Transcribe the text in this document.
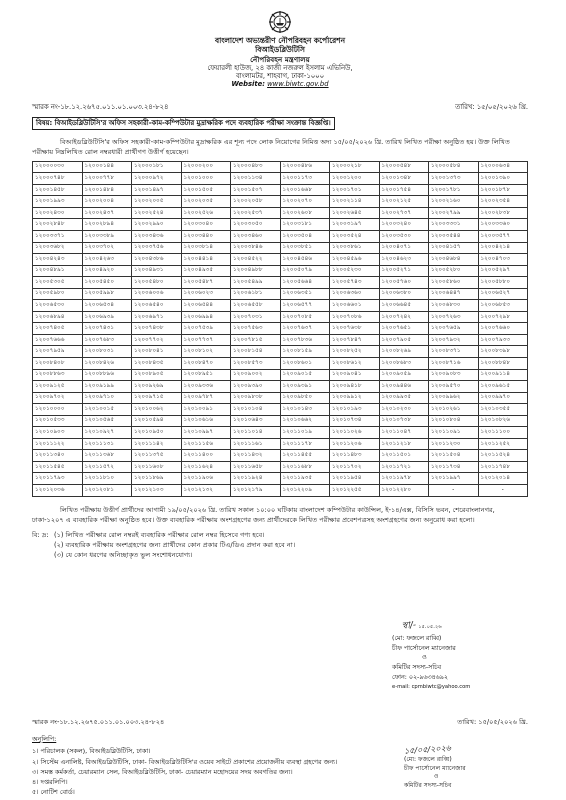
বাংলাদেশ অভ্যন্তরীণ নৌপরিবহন কর্পোরেশন
বিআইডব্লিউটিসি
নৌপরিবহন মন্ত্রণালয়
ফেয়ারলী হাউজ, ২৪ কাজী নজরুল ইসলাম এভিনিউ,
বাংলামটর, শাহবাগ, ঢাকা-১০০০
Website: www.biwtc.gov.bd
স্মারক নং-১৮.১২.২৬৭৫.০১১.০১.০০৩.২৪-৮২৪	তারিখ: ১৫/০৫/২০২৬ খ্রি.
বিষয়: বিআইডব্লিউটিসি'র অফিস সহকারী-কাম-কম্পিউটার মুদ্রাক্ষরিক পদে ব্যবহারিক পরীক্ষা সংক্রান্ত বিজ্ঞপ্তি।

বিআইডব্লিউটিসি'র অফিস সহকারী-কাম-কম্পিউটার মুদ্রাক্ষরিক এর শূন্য পদে লোক নিয়োগের নিমিত্ত অদ্য ১৫/০৫/২০২৬ খ্রি. তারিখ লিখিত পরীক্ষা অনুষ্ঠিত হয়। উক্ত লিখিত পরীক্ষায় নিম্নলিখিত রোল নম্বরধারী প্রার্থীগণ উত্তীর্ণ হয়েছেন।

১২০০০০৩০	১২০০০১৪৪	১২০০০১৮১	১২০০০২০০	১২০০০৪৮৩	১২০০০৪৮৬	১২০০০২১৮	১২০০০৫৪৮	১২০০০৫৮৪	১২০০০৬৩৪
১২০০০৭৪৮	১২০০০৭৭৮	১২০০০৯৭২	১২০০১০০০	১২০০১১৩৪	১২০০১১৭৩	১২০০১২০০	১২০০১৩৪৮	১২০০১৩৭৩	১২০০১৩৯০
১২০০১৪৫৮	১২০০১৪৮৪	১২০০১৪৯৭	১২০০১৫০৫	১২০০১৫০৭	১২০০১৬৬৮	১২০০১৭০১	১২০০১৭৫৪	১২০০১৭৮১	১২০০১৮৭৮
১২০০১৯৯৩	১২০০২০০৪	১২০০২০০৫	১২০০২০৩৫	১২০০২০৫৮	১২০০২০৭০	১২০০২১১৪	১২০০২১২৫	১২০০২১৬০	১২০০২৩৫৪
১২০০২৪৩০	১২০০২৪৩৭	১২০০২৫২৪	১২০০২৫২৬	১২০০২৫৩৭	১২০০২৬০৮	১২০০২৬৪৫	১২০০২৭৩৭	১২০০২৭৯৯	১২০০২৮৩৮
১২০০২৮৪৮	১২০০২৮৯৪	১২০০২৯৯০	১২০০৩০৪০	১২০০৩০৫০	১২০০৩১৮১	১২০০৩১৯৭	১২০০৩২৪০	১২০০৩৩৩১	১২০০৩৩৬০
১২০০৩৩৭১	১২০০৩৩৮৯	১২০০৩৪৩৬	১২০০৩৪৪০	১২০০৩৪৬০	১২০০৩৫০৪	১২০০৩৫২৪	১২০০৩৫৩০	১২০০৩৫৪৪	১২০০৩৫৭৭
১২০০৩৬৮২	১২০০৩৭০২	১২০০৩৭৫৬	১২০০৩৮১৪	১২০০৩৮৪৬	১২০০৩৮৫১	১২০০৩৮৬১	১২০০৪০৭১	১২০০৪১৫৭	১২০০৪২১৪
১২০০৪২৪৩	১২০০৪২৬৩	১২০০৪৩৮৬	১২০০৪৪১৪	১২০০৪৫২২	১২০০৪৫৪৬	১২০০৪৫৯৬	১২০০৪৬২৩	১২০০৪৬৮৪	১২০০৪৭০৩
১২০০৪৮৯১	১২০০৪৯২০	১২০০৪৯৩১	১২০০৪৯৩৫	১২০০৪৯৮৮	১২০০৫০৭৯	১২০০৫২৩০	১২০০৫২৭১	১২০০৫২৮০	১২০০৫২৯৭
১২০০৫৩০৫	১২০০৫৪৫০	১২০০৫৪৮০	১২০০৫৪৮৭	১২০০৫৪৯৯	১২০০৫৬৬৪	১২০০৫৭৪৩	১২০০৫৭৬০	১২০০৫৮৬০	১২০০৫৮৮০
১২০০৫৯৮০	১২০০৫৯৯৮	১২০০৬০০৬	১২০০৬০২৩	১২০০৬১৮১	১২০০৬৩৫১	১২০০৬৩৬০	১২০০৬৩৮০	১২০০৬৪৪৭	১২০০৬৫২৭
১২০০৬৫৩০	১২০০৬৫৩৪	১২০০৬৫৪০	১২০০৬৫৪৪	১২০০৬৫৫৮	১২০০৬৫৭৭	১২০০৬৬০১	১২০০৬৬৪৫	১২০০৬৮৩০	১২০০৬৮৫৩
১২০০৬৮৯৪	১২০০৬৯৩৯	১২০০৬৯৭১	১২০০৬৯৯৪	১২০০৭০৩১	১২০০৭০৮৫	১২০০৭০৮৬	১২০০৭২৪২	১২০০৭২৬৩	১২০০৭২৯৮
১২০০৭৪০৫	১২০০৭৪৩১	১২০০৭৪৩৮	১২০০৭৫৩৯	১২০০৭৫৬৩	১২০০৭৬৩৭	১২০০৭৬৩৮	১২০০৭৬৫১	১২০০৭৬৫৯	১২০০৭৬৬০
১২০০৭৬৬৬	১২০০৭৬৮৩	১২০০৭৭০২	১২০০৭৭৩৭	১২০০৭৮১৫	১২০০৭৮৩৬	১২০০৭৮৪৭	১২০০৭৯০৫	১২০০৭৯৩২	১২০০৭৯৩৩
১২০০৭৯৫৯	১২০০৮০৩১	১২০০৮০৪১	১২০০৮১০২	১২০০৮১৫৪	১২০০৮১৫৯	১২০০৮২৫২	১২০০৮২৬৯	১২০০৮৩৭১	১২০০৮৩৯৮
১২০০৮৪০৮	১২০০৮৪২৬	১২০০৮৪৩৫	১২০০৮৪৭০	১২০০৮৫৭৩	১২০০৮৬০১	১২০০৮৬১২	১২০০৮৬৮৩	১২০০৮৭১৬	১২০০৮৮৪৮
১২০০৮৮৬৩	১২০০৮৮৯৬	১২০০৮৯০৫	১২০০৮৯৫১	১২০০৯০০২	১২০০৯০১৫	১২০০৯০৪১	১২০০৯০৫৯	১২০০৯০৮৩	১২০০৯১১৪
১২০০৯১২৫	১২০০৯১৯৯	১২০০৯২৬৯	১২০০৯৩৩৬	১২০০৯৩৯০	১২০০৯৩৯১	১২০০৯৪১৮	১২০০৯৪৪৬	১২০০৯৫৭০	১২০০৯৬১৫
১২০০৯৭০২	১২০০৯৭১০	১২০০৯৭১৫	১২০০৯৭৮৭	১২০০৯৮৩৮	১২০০৯৮৫০	১২০০৯৯১২	১২০০৯৯৩৫	১২০০৯৯৬২	১২০০৯৯৭০
১২০১০০০০	১২০১০০১৫	১২০১০০৬২	১২০১০০৯১	১২০১০১০৪	১২০১০১৪৩	১২০১০১৯৩	১২০১০২৩০	১২০১০২৬১	১২০১০৩৫৫
১২০১০৫৩৩	১২০১০৫৬৫	১২০১০৫৯৪	১২০১০৬১৬	১২০১০৬৪৩	১২০১০৬৬২	১২০১০৭৩৪	১২০১০৭৩৮	১২০১০৮০৪	১২০১০৮২৬
১২০১০৯০৩	১২০১০৯২৭	১২০১০৯৫০	১২০১০৯৯৭	১২০১১০১৪	১২০১১০১৯	১২০১১০২৬	১২০১১০৪৭	১২০১১০৯১	১২০১১১০০
১২০১১১২২	১২০১১১৩১	১২০১১১৪২	১২০১১১৫৬	১২০১১১৬১	১২০১১১৭৮	১২০১১২০৬	১২০১১২১৮	১২০১১২৩০	১২০১১২৫২
১২০১১৩৪০	১২০১১৩৬৮	১২০১১৩৭৫	১২০১১৪০০	১২০১১৪৩২	১২০১১৪৫৫	১২০১১৪৮৩	১২০১১৫০১	১২০১১৫০৪	১২০১১৫২৪
১২০১১৫৪৫	১২০১১৫৭২	১২০১১৬০৮	১২০১১৬২৪	১২০১১৬৫৮	১২০১১৬৮৮	১২০১১৭০২	১২০১১৭২১	১২০১১৭৩৪	১২০১১৭৪৮
১২০১১৭৯৩	১২০১১৮১০	১২০১১৮৬৯	১২০১১৯০৬	১২০১১৯২৪	১২০১১৯৩৫	১২০১১৯৫৪	১২০১১৯৭৮	১২০১১৯৯৭	১২০১২০১৪
১২০১২০৩৬	১২০১২০৮১	১২০১২১০৩	১২০১২১৩২	১২০১২১৭৯	১২০১২২০৯	১২০১২২৫৫	১২০১২২৮০	-	-

লিখিত পরীক্ষায় উত্তীর্ণ প্রার্থীদের আগামী ১৯/০৫/২০২৬ খ্রি. তারিখ সকাল ১০:০০ ঘটিকায় বাংলাদেশ কম্পিউটার কাউন্সিল, ই-১৪/এক্স, বিসিসি ভবন, শেরেবাংলানগর, ঢাকা-১২০৭ এ ব্যবহারিক পরীক্ষা অনুষ্ঠিত হবে। উক্ত ব্যবহারিক পরীক্ষায় অংশগ্রহণের জন্য প্রার্থীদেরকে লিখিত পরীক্ষার প্রবেশপত্রসহ অংশগ্রহণের জন্য অনুরোধ করা হলো।

বি: দ্র: (১) লিখিত পরীক্ষার রোল নম্বরই ব্যবহারিক পরীক্ষার রোল নম্বর হিসেবে গণ্য হবে।
(২) ব্যবহারিক পরীক্ষায় অংশগ্রহণের জন্য প্রার্থীদের কোন প্রকার টিএ/ডিএ প্রদান করা হবে না।
(৩) যে কোন ধরণের অনিচ্ছাকৃত ভুল সংশোধনযোগ্য।
স্বা/- ১৫.০৫.২৬
(মো: ফজলে রাব্বি)
চীফ পার্সোনেল ম্যানেজার
ও
কমিটির সদস্য-সচিব
ফোন: ০২-৯৬৩৪৬৯২
e-mail: cpmbiwtc@yahoo.com
স্মারক নং-১৮.১২.২৬৭৫.০১১.০১.০০৩.২৪-৮২৪	তারিখ: ১৫/০৫/২০২৬ খ্রি.
অনুলিপি:
১। পরিচালক (সকল), বিআইডব্লিউটিসি, ঢাকা।
২। সিস্টেম এনালিষ্ট, বিআইডব্লিউটিসি, ঢাকা- বিআইডব্লিউটিসি'র ওয়েব সাইটে প্রকাশের প্রয়োজনীয় ব্যবস্থা গ্রহণের জন্য।
৩। সমস্ত কর্মকর্তা, চেয়ারম্যান সেল, বিআইডব্লিউটিসি, ঢাকা- চেয়ারম্যান মহোদয়ের সদয় অবগতির জন্য।
৪। দপ্তরলিপি।
৫। নোটিশ বোর্ড।
১৫/০৫/২০২৬
(মো: ফজলে রাব্বি)
চীফ পার্সোনেল ম্যানেজার
ও
কমিটির সদস্য-সচিব
